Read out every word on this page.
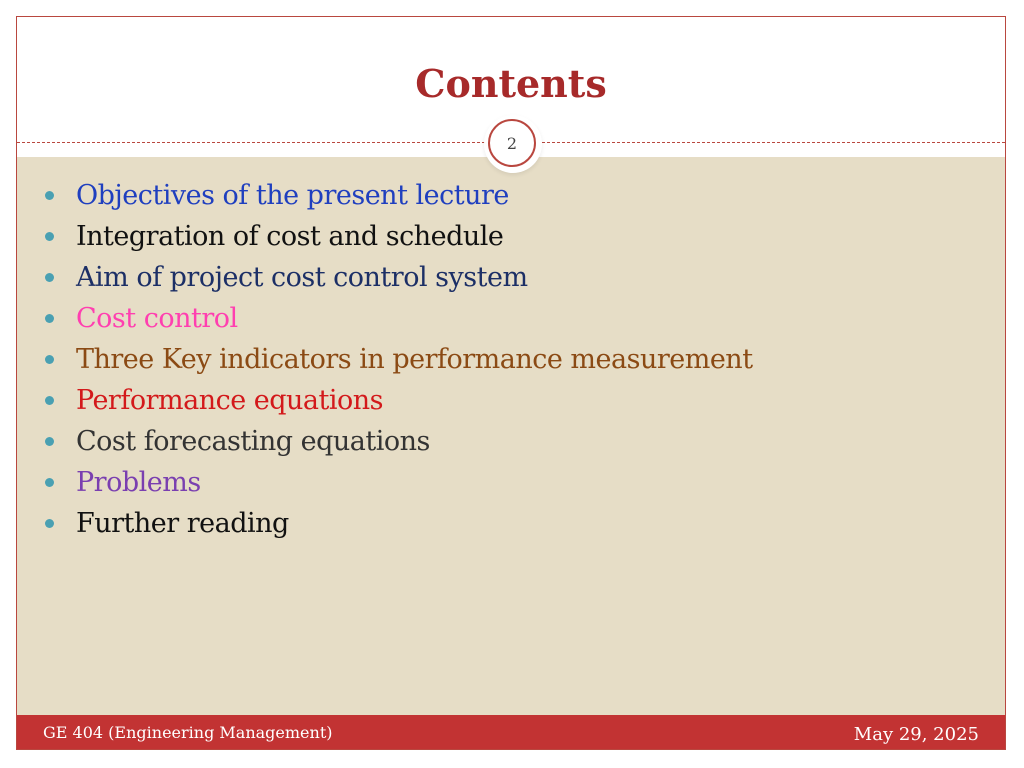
Contents
2
Objectives of the present lecture
Integration of cost and schedule
Aim of project cost control system
Cost control
Three Key indicators in performance measurement
Performance equations
Cost forecasting equations
Problems
Further reading
GE 404 (Engineering Management)	May 29, 2025
